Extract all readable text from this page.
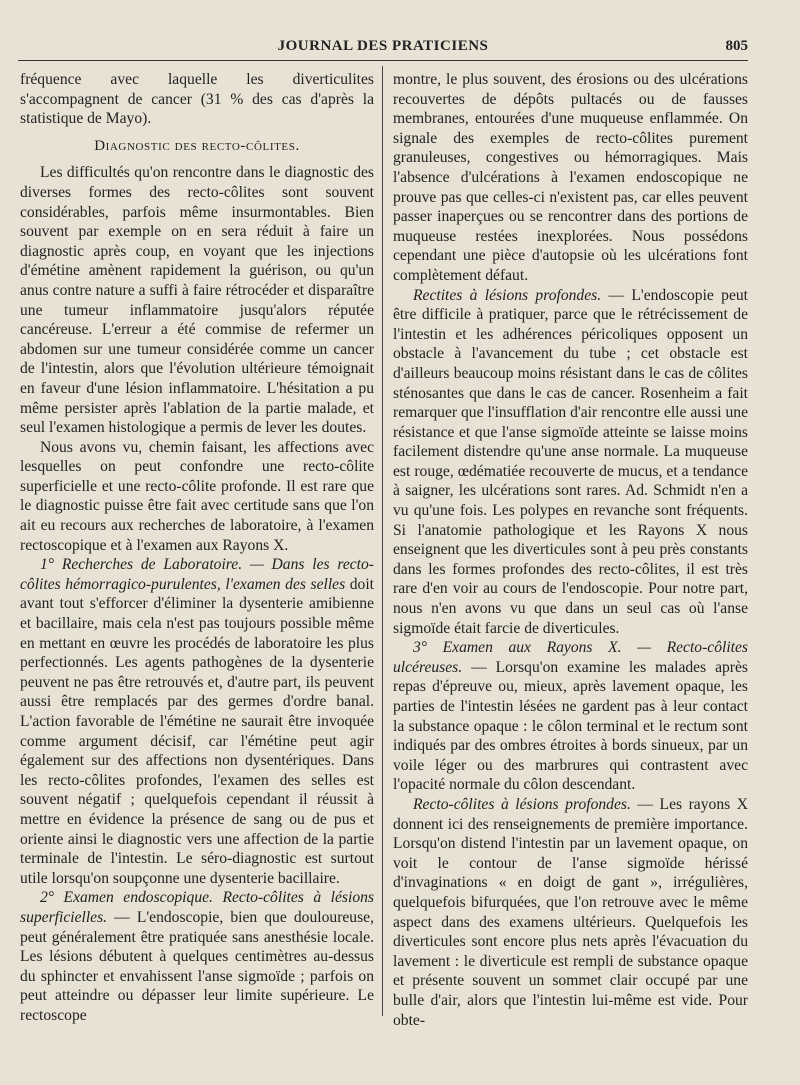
JOURNAL DES PRATICIENS	805

fréquence avec laquelle les diverticulites s'accompagnent de cancer (31 % des cas d'après la statistique de Mayo).

Diagnostic des recto-côlites.

Les difficultés qu'on rencontre dans le diagnostic des diverses formes des recto-côlites sont souvent considérables, parfois même insurmontables. Bien souvent par exemple on en sera réduit à faire un diagnostic après coup, en voyant que les injections d'émétine amènent rapidement la guérison, ou qu'un anus contre nature a suffi à faire rétrocéder et disparaître une tumeur inflammatoire jusqu'alors réputée cancéreuse. L'erreur a été commise de refermer un abdomen sur une tumeur considérée comme un cancer de l'intestin, alors que l'évolution ultérieure témoignait en faveur d'une lésion inflammatoire. L'hésitation a pu même persister après l'ablation de la partie malade, et seul l'examen histologique a permis de lever les doutes.

Nous avons vu, chemin faisant, les affections avec lesquelles on peut confondre une recto-côlite superficielle et une recto-côlite profonde. Il est rare que le diagnostic puisse être fait avec certitude sans que l'on ait eu recours aux recherches de laboratoire, à l'examen rectoscopique et à l'examen aux Rayons X.

1° Recherches de Laboratoire. — Dans les recto-côlites hémorragico-purulentes, l'examen des selles doit avant tout s'efforcer d'éliminer la dysenterie amibienne et bacillaire, mais cela n'est pas toujours possible même en mettant en œuvre les procédés de laboratoire les plus perfectionnés. Les agents pathogènes de la dysenterie peuvent ne pas être retrouvés et, d'autre part, ils peuvent aussi être remplacés par des germes d'ordre banal. L'action favorable de l'émétine ne saurait être invoquée comme argument décisif, car l'émétine peut agir également sur des affections non dysentériques. Dans les recto-côlites profondes, l'examen des selles est souvent négatif ; quelquefois cependant il réussit à mettre en évidence la présence de sang ou de pus et oriente ainsi le diagnostic vers une affection de la partie terminale de l'intestin. Le séro-diagnostic est surtout utile lorsqu'on soupçonne une dysenterie bacillaire.

2° Examen endoscopique. Recto-côlites à lésions superficielles. — L'endoscopie, bien que douloureuse, peut généralement être pratiquée sans anesthésie locale. Les lésions débutent à quelques centimètres au-dessus du sphincter et envahissent l'anse sigmoïde ; parfois on peut atteindre ou dépasser leur limite supérieure. Le rectoscope

montre, le plus souvent, des érosions ou des ulcérations recouvertes de dépôts pultacés ou de fausses membranes, entourées d'une muqueuse enflammée. On signale des exemples de recto-côlites purement granuleuses, congestives ou hémorragiques. Mais l'absence d'ulcérations à l'examen endoscopique ne prouve pas que celles-ci n'existent pas, car elles peuvent passer inaperçues ou se rencontrer dans des portions de muqueuse restées inexplorées. Nous possédons cependant une pièce d'autopsie où les ulcérations font complètement défaut.

Rectites à lésions profondes. — L'endoscopie peut être difficile à pratiquer, parce que le rétrécissement de l'intestin et les adhérences péricoliques opposent un obstacle à l'avancement du tube ; cet obstacle est d'ailleurs beaucoup moins résistant dans le cas de côlites sténosantes que dans le cas de cancer. Rosenheim a fait remarquer que l'insufflation d'air rencontre elle aussi une résistance et que l'anse sigmoïde atteinte se laisse moins facilement distendre qu'une anse normale. La muqueuse est rouge, œdématiée recouverte de mucus, et a tendance à saigner, les ulcérations sont rares. Ad. Schmidt n'en a vu qu'une fois. Les polypes en revanche sont fréquents. Si l'anatomie pathologique et les Rayons X nous enseignent que les diverticules sont à peu près constants dans les formes profondes des recto-côlites, il est très rare d'en voir au cours de l'endoscopie. Pour notre part, nous n'en avons vu que dans un seul cas où l'anse sigmoïde était farcie de diverticules.

3° Examen aux Rayons X. — Recto-côlites ulcéreuses. — Lorsqu'on examine les malades après repas d'épreuve ou, mieux, après lavement opaque, les parties de l'intestin lésées ne gardent pas à leur contact la substance opaque : le côlon terminal et le rectum sont indiqués par des ombres étroites à bords sinueux, par un voile léger ou des marbrures qui contrastent avec l'opacité normale du côlon descendant.

Recto-côlites à lésions profondes. — Les rayons X donnent ici des renseignements de première importance. Lorsqu'on distend l'intestin par un lavement opaque, on voit le contour de l'anse sigmoïde hérissé d'invaginations « en doigt de gant », irrégulières, quelquefois bifurquées, que l'on retrouve avec le même aspect dans des examens ultérieurs. Quelquefois les diverticules sont encore plus nets après l'évacuation du lavement : le diverticule est rempli de substance opaque et présente souvent un sommet clair occupé par une bulle d'air, alors que l'intestin lui-même est vide. Pour obte-
